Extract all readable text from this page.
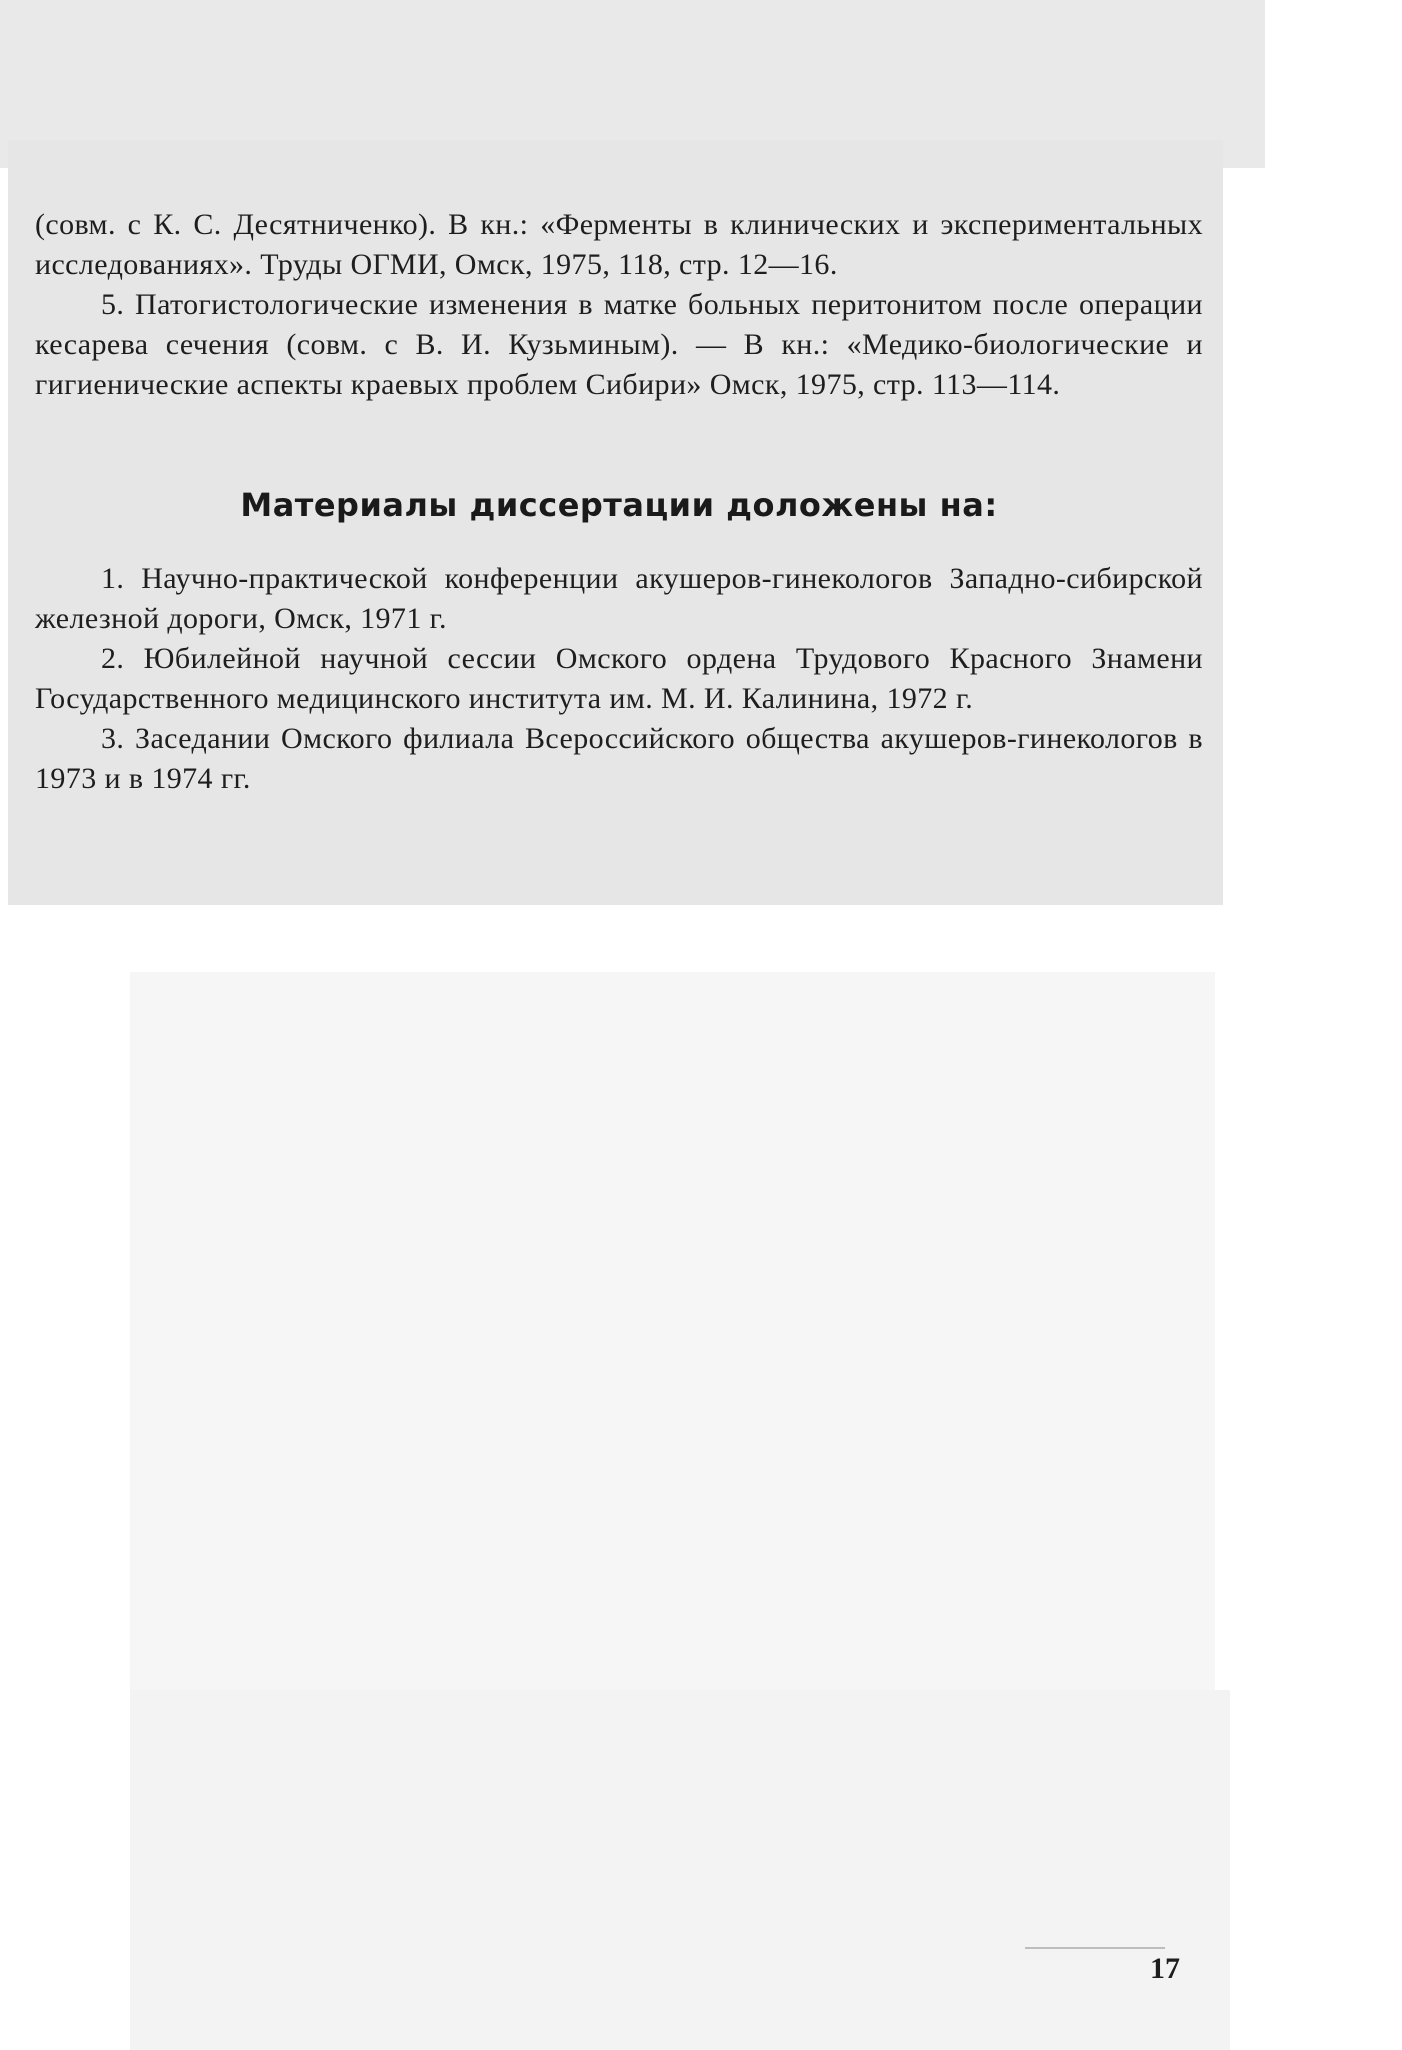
(совм. с К. С. Десятниченко). В кн.: «Ферменты в клинических и экспериментальных исследованиях». Труды ОГМИ, Омск, 1975, 118, стр. 12—16.

5. Патогистологические изменения в матке больных перитонитом после операции кесарева сечения (совм. с В. И. Кузьминым). — В кн.: «Медико-биологические и гигиенические аспекты краевых проблем Сибири» Омск, 1975, стр. 113—114.

Материалы диссертации доложены на:

1. Научно-практической конференции акушеров-гинекологов Западно-сибирской железной дороги, Омск, 1971 г.

2. Юбилейной научной сессии Омского ордена Трудового Красного Знамени Государственного медицинского института им. М. И. Калинина, 1972 г.

3. Заседании Омского филиала Всероссийского общества акушеров-гинекологов в 1973 и в 1974 гг.

17
